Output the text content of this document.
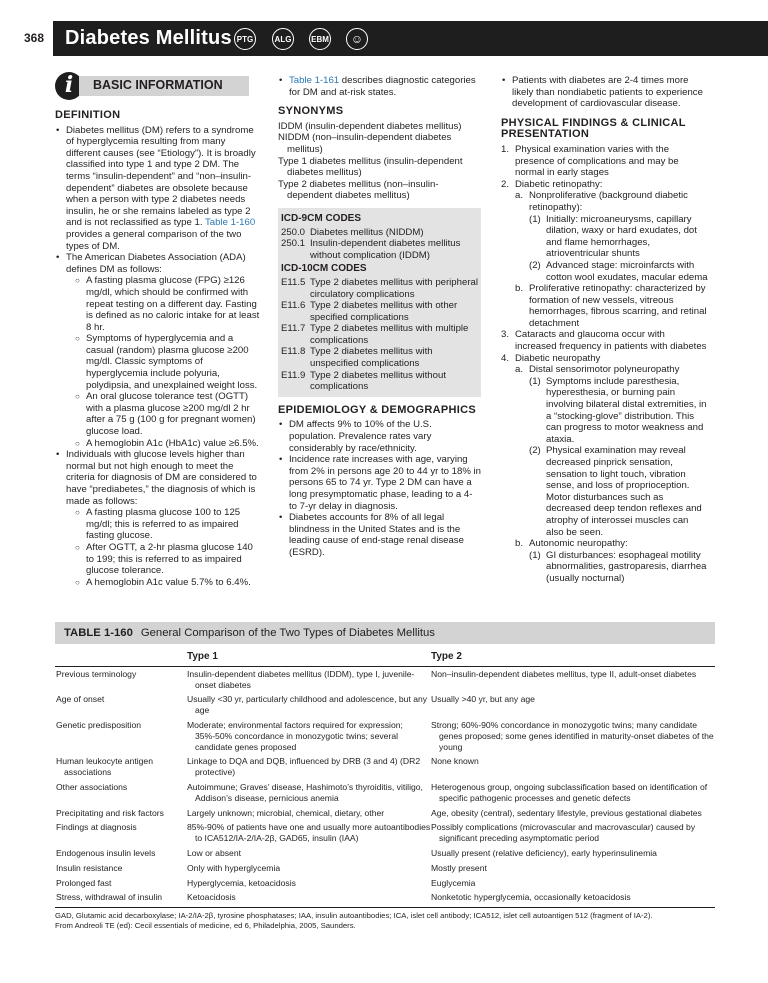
368 Diabetes Mellitus PTG	ALG	EBM	☺
i	BASIC INFORMATION
DEFINITION
• Diabetes mellitus (DM) refers to a syndrome of hyperglycemia resulting from many different causes (see “Etiology”). It is broadly classified into type 1 and type 2 DM. The terms “insulin-dependent” and “non–insulin-dependent” diabetes are obsolete because when a person with type 2 diabetes needs insulin, he or she remains labeled as type 2 and is not reclassified as type 1. Table 1-160 provides a general comparison of the two types of DM.
• The American Diabetes Association (ADA) defines DM as follows:
○ A fasting plasma glucose (FPG) ≥126 mg/dl, which should be confirmed with repeat testing on a different day. Fasting is defined as no caloric intake for at least 8 hr.
○ Symptoms of hyperglycemia and a casual (random) plasma glucose ≥200 mg/dl. Classic symptoms of hyperglycemia include polyuria, polydipsia, and unexplained weight loss.
○ An oral glucose tolerance test (OGTT) with a plasma glucose ≥200 mg/dl 2 hr after a 75 g (100 g for pregnant women) glucose load.
○ A hemoglobin A1c (HbA1c) value ≥6.5%.
• Individuals with glucose levels higher than normal but not high enough to meet the criteria for diagnosis of DM are considered to have “prediabetes,” the diagnosis of which is made as follows:
○ A fasting plasma glucose 100 to 125 mg/dl; this is referred to as impaired fasting glucose.
○ After OGTT, a 2-hr plasma glucose 140 to 199; this is referred to as impaired glucose tolerance.
○ A hemoglobin A1c value 5.7% to 6.4%.
• Table 1-161 describes diagnostic categories for DM and at-risk states.
SYNONYMS
IDDM (insulin-dependent diabetes mellitus)
NIDDM (non–insulin-dependent diabetes mellitus)
Type 1 diabetes mellitus (insulin-dependent diabetes mellitus)
Type 2 diabetes mellitus (non–insulin-dependent diabetes mellitus)
ICD-9CM CODES
250.0 Diabetes mellitus (NIDDM)
250.1 Insulin-dependent diabetes mellitus without complication (IDDM)
ICD-10CM CODES
E11.5 Type 2 diabetes mellitus with peripheral circulatory complications
E11.6 Type 2 diabetes mellitus with other specified complications
E11.7 Type 2 diabetes mellitus with multiple complications
E11.8 Type 2 diabetes mellitus with unspecified complications
E11.9 Type 2 diabetes mellitus without complications
EPIDEMIOLOGY & DEMOGRAPHICS
• DM affects 9% to 10% of the U.S. population. Prevalence rates vary considerably by race/ethnicity.
• Incidence rate increases with age, varying from 2% in persons age 20 to 44 yr to 18% in persons 65 to 74 yr. Type 2 DM can have a long presymptomatic phase, leading to a 4- to 7-yr delay in diagnosis.
• Diabetes accounts for 8% of all legal blindness in the United States and is the leading cause of end-stage renal disease (ESRD).
• Patients with diabetes are 2-4 times more likely than nondiabetic patients to experience development of cardiovascular disease.
PHYSICAL FINDINGS & CLINICAL PRESENTATION
1. Physical examination varies with the presence of complications and may be normal in early stages
2. Diabetic retinopathy:
a. Nonproliferative (background diabetic retinopathy):
(1) Initially: microaneurysms, capillary dilation, waxy or hard exudates, dot and flame hemorrhages, atrioventricular shunts
(2) Advanced stage: microinfarcts with cotton wool exudates, macular edema
b. Proliferative retinopathy: characterized by formation of new vessels, vitreous hemorrhages, fibrous scarring, and retinal detachment
3. Cataracts and glaucoma occur with increased frequency in patients with diabetes
4. Diabetic neuropathy
a. Distal sensorimotor polyneuropathy
(1) Symptoms include paresthesia, hyperesthesia, or burning pain involving bilateral distal extremities, in a “stocking-glove” distribution. This can progress to motor weakness and ataxia.
(2) Physical examination may reveal decreased pinprick sensation, sensation to light touch, vibration sense, and loss of proprioception. Motor disturbances such as decreased deep tendon reflexes and atrophy of interossei muscles can also be seen.
b. Autonomic neuropathy:
(1) GI disturbances: esophageal motility abnormalities, gastroparesis, diarrhea (usually nocturnal)
TABLE 1-160 General Comparison of the Two Types of Diabetes Mellitus
	Type 1	Type 2

Previous terminology	Insulin-dependent diabetes mellitus (IDDM), type I, juvenile-onset diabetes	Non–insulin-dependent diabetes mellitus, type II, adult-onset diabetes

Age of onset	Usually <30 yr, particularly childhood and adolescence, but any age	Usually >40 yr, but any age

Genetic predisposition	Moderate; environmental factors required for expression; 35%-50% concordance in monozygotic twins; several candidate genes proposed	Strong; 60%-90% concordance in monozygotic twins; many candidate genes proposed; some genes identified in maturity-onset diabetes of the young

Human leukocyte antigen associations	Linkage to DQA and DQB, influenced by DRB (3 and 4) (DR2 protective)	None known

Other associations	Autoimmune; Graves’ disease, Hashimoto’s thyroiditis, vitiligo, Addison’s disease, pernicious anemia	Heterogenous group, ongoing subclassification based on identification of specific pathogenic processes and genetic defects

Precipitating and risk factors	Largely unknown; microbial, chemical, dietary, other	Age, obesity (central), sedentary lifestyle, previous gestational diabetes

Findings at diagnosis	85%-90% of patients have one and usually more autoantibodies to ICA512/IA-2/IA-2β, GAD65, insulin (IAA)	Possibly complications (microvascular and macrovascular) caused by significant preceding asymptomatic period

Endogenous insulin levels	Low or absent	Usually present (relative deficiency), early hyperinsulinemia

Insulin resistance	Only with hyperglycemia	Mostly present

Prolonged fast	Hyperglycemia, ketoacidosis	Euglycemia

Stress, withdrawal of insulin	Ketoacidosis	Nonketotic hyperglycemia, occasionally ketoacidosis
GAD, Glutamic acid decarboxylase; IA-2/IA-2β, tyrosine phosphatases; IAA, insulin autoantibodies; ICA, islet cell antibody; ICA512, islet cell autoantigen 512 (fragment of IA-2).
From Andreoli TE (ed): Cecil essentials of medicine, ed 6, Philadelphia, 2005, Saunders.
